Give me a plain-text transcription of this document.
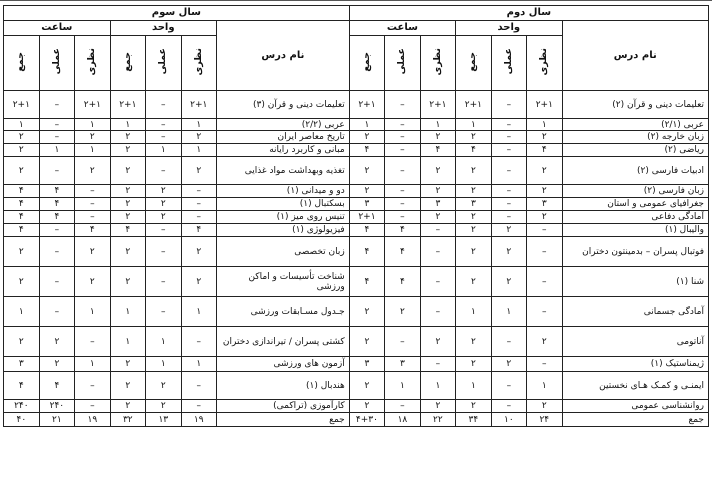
سال دوم							سال سوم						
نام درس	واحد			ساعت			نام درس	واحد			ساعت		
	نظری	عملی	جمع	نظری	عملی	جمع		نظری	عملی	جمع	نظری	عملی	جمع
تعلیمات دینی و قرآن (۲)	۲+۱	–	۲+۱	۲+۱	–	۲+۱	تعلیمات دینی و قرآن (۳)	۲+۱	–	۲+۱	۲+۱	–	۲+۱
عربی (۲/۱)	۱	–	۱	۱	–	۱	عربی (۲/۲)	۱	–	۱	۱	–	۱
زبان خارجه (۲)	۲	–	۲	۲	–	۲	تاریخ معاصر ایران	۲	–	۲	۲	–	۲
ریاضی (۲)	۴	–	۴	۴	–	۴	مبانی و کاربرد رایانه	۱	۱	۲	۱	۱	۲
ادبیات فارسی (۲)	۲	–	۲	۲	–	۲	تغذیه وبهداشت مواد غذایی	۲	–	۲	۲	–	۲
زبان فارسی (۲)	۲	–	۲	۲	–	۲	دو و میدانی (۱)	–	۲	۲	–	۴	۴
جغرافیای عمومی و استان	۳	–	۳	۳	–	۳	بسکتبال (۱)	–	۲	۲	–	۴	۴
آمادگی دفاعی	۲	–	۲	۲	–	۲+۱	تنیس روی میز (۱)	–	۲	۲	–	۴	۴
والیبال (۱)	–	۲	۲	–	۴	۴	فیزیولوژی (۱)	۴	–	۴	۴	–	۴
فوتبال پسران – بدمینتون دختران	–	۲	۲	–	۴	۴	زبان تخصصی	۲	–	۲	۲	–	۲
شنا (۱)	–	۲	۲	–	۴	۴	شناخت تأسیسات و اماکن ورزشی	۲	–	۲	۲	–	۲
آمادگی جسمانی	–	۱	۱	–	۲	۲	جـدول مسـابقات ورزشی	۱	–	۱	۱	–	۱
آناتومی	۲	–	۲	۲	–	۲	کشتی پسران / تیراندازی دختران	–	۱	۱	–	۲	۲
ژیمناستیک (۱)	–	۲	۲	–	۳	۳	آزمون های ورزشی	۱	۱	۲	۱	۲	۳
ایمنـی و کمـک هـای نخستین	۱	–	۱	۱	۱	۲	هندبال (۱)	–	۲	۲	–	۴	۴
روانشناسی عمومی	۲	–	۲	۲	–	۲	کارآموزی (تراکمی)	–	۲	۲	–	۲۴۰	۲۴۰
جمع	۲۴	۱۰	۳۴	۲۲	۱۸	۴+۳۰	جمع	۱۹	۱۳	۳۲	۱۹	۲۱	۴۰
